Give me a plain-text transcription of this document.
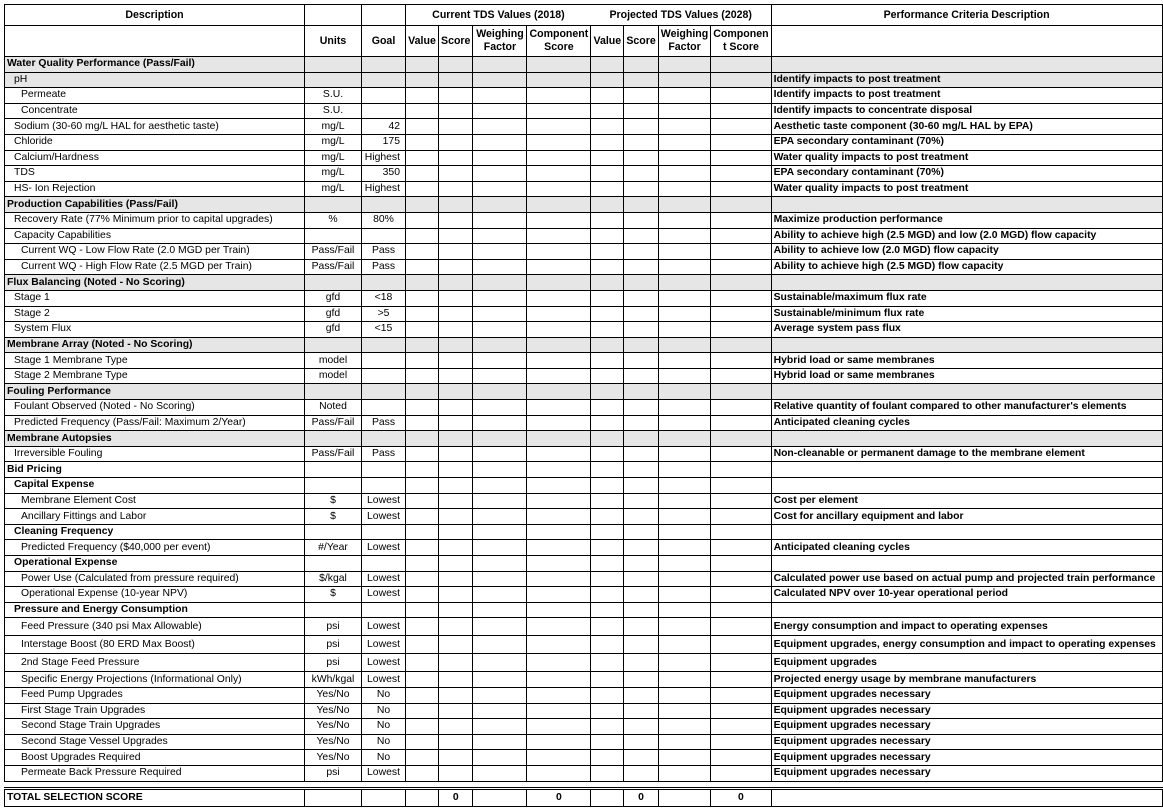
Description			Current TDS Values (2018)				Projected TDS Values (2028)				Performance Criteria Description
	Units	Goal	Value	Score	Weighing Factor	Component Score	Value	Score	Weighing Factor	Componen t Score	
Water Quality Performance (Pass/Fail)											
pH											Identify impacts to post treatment
Permeate	S.U.										Identify impacts to post treatment
Concentrate	S.U.										Identify impacts to concentrate disposal
Sodium (30-60 mg/L HAL for aesthetic taste)	mg/L	42									Aesthetic taste component (30-60 mg/L HAL by EPA)
Chloride	mg/L	175									EPA secondary contaminant (70%)
Calcium/Hardness	mg/L	Highest									Water quality impacts to post treatment
TDS	mg/L	350									EPA secondary contaminant (70%)
HS- Ion Rejection	mg/L	Highest									Water quality impacts to post treatment
Production Capabilities (Pass/Fail)											
Recovery Rate (77% Minimum prior to capital upgrades)	%	80%									Maximize production performance
Capacity Capabilities											Ability to achieve high (2.5 MGD) and low (2.0 MGD) flow capacity
Current WQ - Low Flow Rate (2.0 MGD per Train)	Pass/Fail	Pass									Ability to achieve low (2.0 MGD) flow capacity
Current WQ - High Flow Rate (2.5 MGD per Train)	Pass/Fail	Pass									Ability to achieve high (2.5 MGD) flow capacity
Flux Balancing (Noted - No Scoring)											
Stage 1	gfd	<18									Sustainable/maximum flux rate
Stage 2	gfd	>5									Sustainable/minimum flux rate
System Flux	gfd	<15									Average system pass flux
Membrane Array (Noted - No Scoring)											
Stage 1 Membrane Type	model										Hybrid load or same membranes
Stage 2 Membrane Type	model										Hybrid load or same membranes
Fouling Performance											
Foulant Observed (Noted - No Scoring)	Noted										Relative quantity of foulant compared to other manufacturer's elements
Predicted Frequency (Pass/Fail: Maximum 2/Year)	Pass/Fail	Pass									Anticipated cleaning cycles
Membrane Autopsies											
Irreversible Fouling	Pass/Fail	Pass									Non-cleanable or permanent damage to the membrane element
Bid Pricing											
Capital Expense											
Membrane Element Cost	$	Lowest									Cost per element
Ancillary Fittings and Labor	$	Lowest									Cost for ancillary equipment and labor
Cleaning Frequency											
Predicted Frequency ($40,000 per event)	#/Year	Lowest									Anticipated cleaning cycles
Operational Expense											
Power Use (Calculated from pressure required)	$/kgal	Lowest									Calculated power use based on actual pump and projected train performance
Operational Expense (10-year NPV)	$	Lowest									Calculated NPV over 10-year operational period
Pressure and Energy Consumption											
Feed Pressure (340 psi Max Allowable)	psi	Lowest									Energy consumption and impact to operating expenses
Interstage Boost (80 ERD Max Boost)	psi	Lowest									Equipment upgrades, energy consumption and impact to operating expenses
2nd Stage Feed Pressure	psi	Lowest									Equipment upgrades
Specific Energy Projections (Informational Only)	kWh/kgal	Lowest									Projected energy usage by membrane manufacturers
Feed Pump Upgrades	Yes/No	No									Equipment upgrades necessary
First Stage Train Upgrades	Yes/No	No									Equipment upgrades necessary
Second Stage Train Upgrades	Yes/No	No									Equipment upgrades necessary
Second Stage Vessel Upgrades	Yes/No	No									Equipment upgrades necessary
Boost Upgrades Required	Yes/No	No									Equipment upgrades necessary
Permeate Back Pressure Required	psi	Lowest									Equipment upgrades necessary

TOTAL SELECTION SCORE				0		0		0		0	
